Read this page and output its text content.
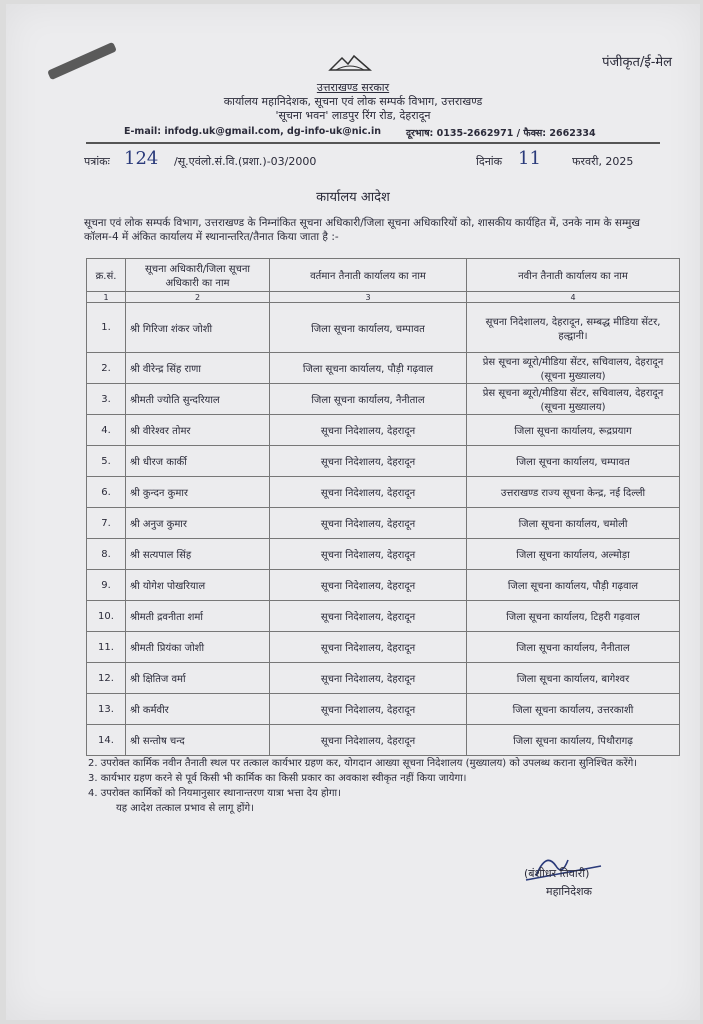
पंजीकृत/ई-मेल
उत्तराखण्ड सरकार
कार्यालय महानिदेशक, सूचना एवं लोक सम्पर्क विभाग, उत्तराखण्ड
'सूचना भवन' लाडपुर रिंग रोड, देहरादून
E-mail: infodg.uk@gmail.com, dg-info-uk@nic.in	दूरभाष: 0135-2662971 / फैक्स: 2662334
पत्रांकः 124 /सू.एवंलो.सं.वि.(प्रशा.)-03/2000	दिनांक 11	फरवरी, 2025
कार्यालय आदेश
सूचना एवं लोक सम्पर्क विभाग, उत्तराखण्ड के निम्नांकित सूचना अधिकारी/जिला सूचना अधिकारियों को, शासकीय कार्यहित में, उनके नाम के सम्मुख कॉलम-4 में अंकित कार्यालय में स्थानान्तरित/तैनात किया जाता है :-
क्र.सं.	सूचना अधिकारी/जिला सूचना अधिकारी का नाम	वर्तमान तैनाती कार्यालय का नाम	नवीन तैनाती कार्यालय का नाम
1	2	3	4
1.	श्री गिरिजा शंकर जोशी	जिला सूचना कार्यालय, चम्पावत	सूचना निदेशालय, देहरादून, सम्बद्ध मीडिया सेंटर, हल्द्वानी।
2.	श्री वीरेन्द्र सिंह राणा	जिला सूचना कार्यालय, पौड़ी गढ़वाल	प्रेस सूचना ब्यूरो/मीडिया सेंटर, सचिवालय, देहरादून (सूचना मुख्यालय)
3.	श्रीमती ज्योति सुन्दरियाल	जिला सूचना कार्यालय, नैनीताल	प्रेस सूचना ब्यूरो/मीडिया सेंटर, सचिवालय, देहरादून (सूचना मुख्यालय)
4.	श्री वीरेश्वर तोमर	सूचना निदेशालय, देहरादून	जिला सूचना कार्यालय, रूद्रप्रयाग
5.	श्री धीरज कार्की	सूचना निदेशालय, देहरादून	जिला सूचना कार्यालय, चम्पावत
6.	श्री कुन्दन कुमार	सूचना निदेशालय, देहरादून	उत्तराखण्ड राज्य सूचना केन्द्र, नई दिल्ली
7.	श्री अनुज कुमार	सूचना निदेशालय, देहरादून	जिला सूचना कार्यालय, चमोली
8.	श्री सत्यपाल सिंह	सूचना निदेशालय, देहरादून	जिला सूचना कार्यालय, अल्मोड़ा
9.	श्री योगेश पोखरियाल	सूचना निदेशालय, देहरादून	जिला सूचना कार्यालय, पौड़ी गढ़वाल
10.	श्रीमती द्रवनीता शर्मा	सूचना निदेशालय, देहरादून	जिला सूचना कार्यालय, टिहरी गढ़वाल
11.	श्रीमती प्रियंका जोशी	सूचना निदेशालय, देहरादून	जिला सूचना कार्यालय, नैनीताल
12.	श्री क्षितिज वर्मा	सूचना निदेशालय, देहरादून	जिला सूचना कार्यालय, बागेश्वर
13.	श्री कर्मवीर	सूचना निदेशालय, देहरादून	जिला सूचना कार्यालय, उत्तरकाशी
14.	श्री सन्तोष चन्द	सूचना निदेशालय, देहरादून	जिला सूचना कार्यालय, पिथौरागढ़
2. उपरोक्त कार्मिक नवीन तैनाती स्थल पर तत्काल कार्यभार ग्रहण कर, योगदान आख्या सूचना निदेशालय (मुख्यालय) को उपलब्ध कराना सुनिश्चित करेंगे।
3. कार्यभार ग्रहण करने से पूर्व किसी भी कार्मिक का किसी प्रकार का अवकाश स्वीकृत नहीं किया जायेगा।
4. उपरोक्त कार्मिकों को नियमानुसार स्थानान्तरण यात्रा भत्ता देय होगा।
यह आदेश तत्काल प्रभाव से लागू होंगे।
(बंशीधर तिवारी)
महानिदेशक
